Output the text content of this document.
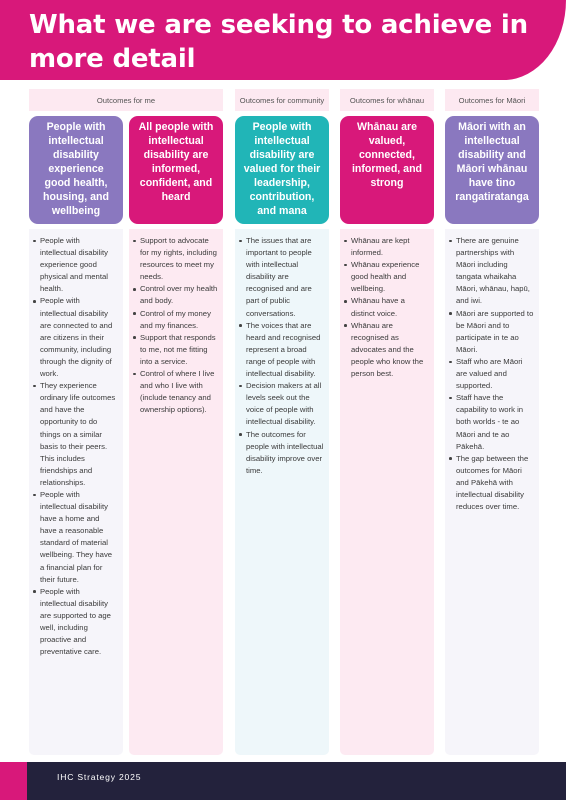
What we are seeking to achieve in more detail
Outcomes for me
People with intellectual disability experience good health, housing, and wellbeing
People with intellectual disability experience good physical and mental health.
People with intellectual disability are connected to and are citizens in their community, including through the dignity of work.
They experience ordinary life outcomes and have the opportunity to do things on a similar basis to their peers. This includes friendships and relationships.
People with intellectual disability have a home and have a reasonable standard of material wellbeing. They have a financial plan for their future.
People with intellectual disability are supported to age well, including proactive and preventative care.
All people with intellectual disability are informed, confident, and heard
Support to advocate for my rights, including resources to meet my needs.
Control over my health and body.
Control of my money and my finances.
Support that responds to me, not me fitting into a service.
Control of where I live and who I live with (include tenancy and ownership options).
Outcomes for community
People with intellectual disability are valued for their leadership, contribution, and mana
The issues that are important to people with intellectual disability are recognised and are part of public conversations.
The voices that are heard and recognised represent a broad range of people with intellectual disability.
Decision makers at all levels seek out the voice of people with intellectual disability.
The outcomes for people with intellectual disability improve over time.
Outcomes for whānau
Whānau are valued, connected, informed, and strong
Whānau are kept informed.
Whānau experience good health and wellbeing.
Whānau have a distinct voice.
Whānau are recognised as advocates and the people who know the person best.
Outcomes for Māori
Māori with an intellectual disability and Māori whānau have tino rangatiratanga
There are genuine partnerships with Māori including tangata whaikaha Māori, whānau, hapū, and iwi.
Māori are supported to be Māori and to participate in te ao Māori.
Staff who are Māori are valued and supported.
Staff have the capability to work in both worlds - te ao Māori and te ao Pākehā.
The gap between the outcomes for Māori and Pākehā with intellectual disability reduces over time.
IHC Strategy 2025
